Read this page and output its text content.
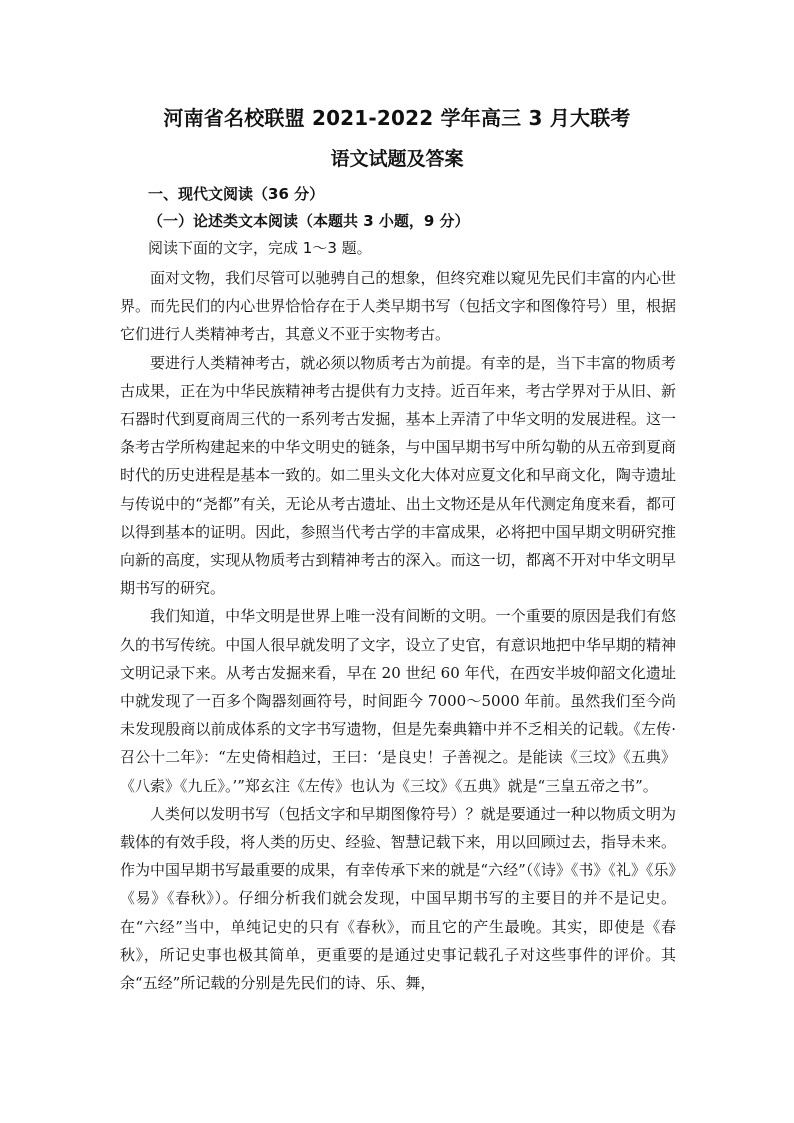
河南省名校联盟 2021-2022 学年高三 3 月大联考
语文试题及答案
一、现代文阅读（36 分）
（一）论述类文本阅读（本题共 3 小题，9 分）
阅读下面的文字，完成 1～3 题。

面对文物，我们尽管可以驰骋自己的想象，但终究难以窥见先民们丰富的内心世界。而先民们的内心世界恰恰存在于人类早期书写（包括文字和图像符号）里，根据它们进行人类精神考古，其意义不亚于实物考古。

要进行人类精神考古，就必须以物质考古为前提。有幸的是，当下丰富的物质考古成果，正在为中华民族精神考古提供有力支持。近百年来，考古学界对于从旧、新石器时代到夏商周三代的一系列考古发掘，基本上弄清了中华文明的发展进程。这一条考古学所构建起来的中华文明史的链条，与中国早期书写中所勾勒的从五帝到夏商时代的历史进程是基本一致的。如二里头文化大体对应夏文化和早商文化，陶寺遗址与传说中的“尧都”有关，无论从考古遗址、出土文物还是从年代测定角度来看，都可以得到基本的证明。因此，参照当代考古学的丰富成果，必将把中国早期文明研究推向新的高度，实现从物质考古到精神考古的深入。而这一切，都离不开对中华文明早期书写的研究。

我们知道，中华文明是世界上唯一没有间断的文明。一个重要的原因是我们有悠久的书写传统。中国人很早就发明了文字，设立了史官，有意识地把中华早期的精神文明记录下来。从考古发掘来看，早在 20 世纪 60 年代，在西安半坡仰韶文化遗址中就发现了一百多个陶器刻画符号，时间距今 7000～5000 年前。虽然我们至今尚未发现殷商以前成体系的文字书写遗物，但是先秦典籍中并不乏相关的记载。《左传·召公十二年》：“左史倚相趋过，王曰：‘是良史！子善视之。是能读《三坟》《五典》《八索》《九丘》。’”郑玄注《左传》也认为《三坟》《五典》就是“三皇五帝之书”。

人类何以发明书写（包括文字和早期图像符号）？就是要通过一种以物质文明为载体的有效手段，将人类的历史、经验、智慧记载下来，用以回顾过去，指导未来。作为中国早期书写最重要的成果，有幸传承下来的就是“六经”（《诗》《书》《礼》《乐》《易》《春秋》）。仔细分析我们就会发现，中国早期书写的主要目的并不是记史。在“六经”当中，单纯记史的只有《春秋》，而且它的产生最晚。其实，即使是《春秋》，所记史事也极其简单，更重要的是通过史事记载孔子对这些事件的评价。其余“五经”所记载的分别是先民们的诗、乐、舞，
